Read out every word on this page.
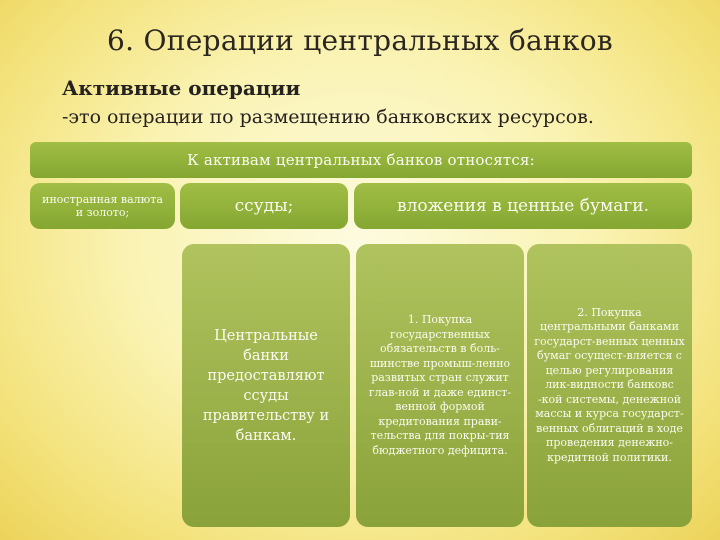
6. Операции центральных банков
Активные операции
-это операции по размещению банковских ресурсов.
К активам центральных банков относятся:
иностранная валюта и золото;	ссуды;	вложения в ценные бумаги.
Центральные банки предоставляют ссуды правительству и банкам.
1. Покупка государственных обязательств в боль-шинстве промыш-ленно развитых стран служит глав-ной и даже единст-венной формой кредитования прави-тельства для покры-тия бюджетного дефицита.
2. Покупка центральными банками государст-венных ценных бумаг осущест-вляется с целью регулирования лик-видности банковс -кой системы, денежной массы и курса государст-венных облигаций в ходе проведения денежно-кредитной политики.
